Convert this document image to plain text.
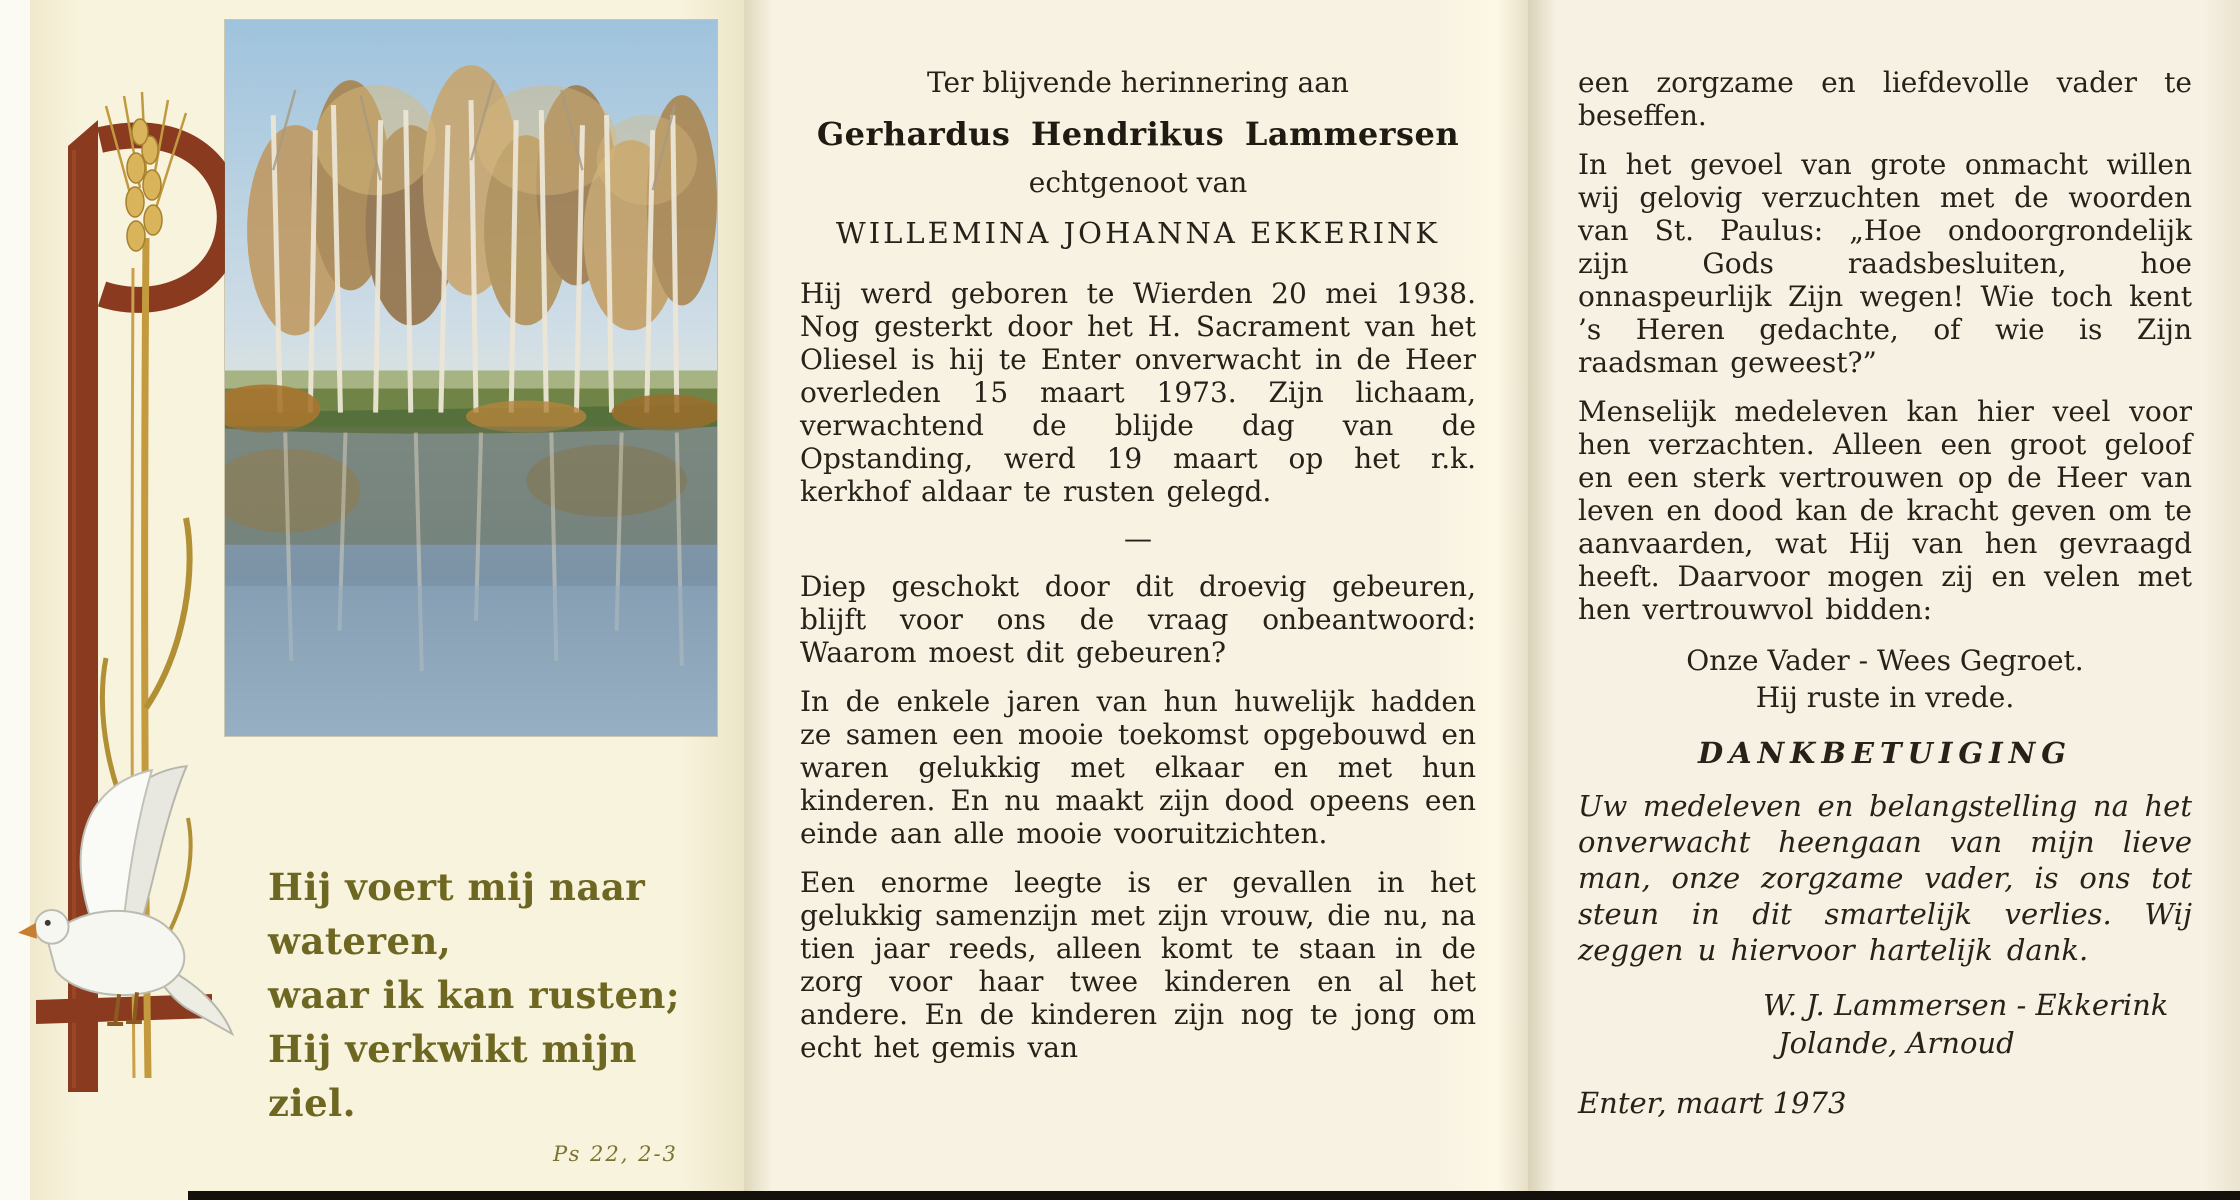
Hij voert mij naar wateren,
waar ik kan rusten;
Hij verkwikt mijn ziel.
Ps 22, 2-3

Ter blijvende herinnering aan

Gerhardus Hendrikus Lammersen

echtgenoot van

WILLEMINA JOHANNA EKKERINK

Hij werd geboren te Wierden 20 mei 1938. Nog gesterkt door het H. Sacrament van het Oliesel is hij te Enter onverwacht in de Heer overleden 15 maart 1973. Zijn lichaam, verwachtend de blijde dag van de Opstanding, werd 19 maart op het r.k. kerkhof aldaar te rusten gelegd.

—

Diep geschokt door dit droevig gebeuren, blijft voor ons de vraag onbeantwoord: Waarom moest dit gebeuren?

In de enkele jaren van hun huwelijk hadden ze samen een mooie toekomst opgebouwd en waren gelukkig met elkaar en met hun kinderen. En nu maakt zijn dood opeens een einde aan alle mooie vooruitzichten.

Een enorme leegte is er gevallen in het gelukkig samenzijn met zijn vrouw, die nu, na tien jaar reeds, alleen komt te staan in de zorg voor haar twee kinderen en al het andere. En de kinderen zijn nog te jong om echt het gemis van

een zorgzame en liefdevolle vader te beseffen.

In het gevoel van grote onmacht willen wij gelovig verzuchten met de woorden van St. Paulus: „Hoe ondoorgrondelijk zijn Gods raadsbesluiten, hoe onnaspeurlijk Zijn wegen! Wie toch kent ’s Heren gedachte, of wie is Zijn raadsman geweest?”

Menselijk medeleven kan hier veel voor hen verzachten. Alleen een groot geloof en een sterk vertrouwen op de Heer van leven en dood kan de kracht geven om te aanvaarden, wat Hij van hen gevraagd heeft. Daarvoor mogen zij en velen met hen vertrouwvol bidden:

Onze Vader - Wees Gegroet.
Hij ruste in vrede.
DANKBETUIGING

Uw medeleven en belangstelling na het onverwacht heengaan van mijn lieve man, onze zorgzame vader, is ons tot steun in dit smartelijk verlies. Wij zeggen u hiervoor hartelijk dank.

W. J. Lammersen - Ekkerink
Jolande, Arnoud

Enter, maart 1973
